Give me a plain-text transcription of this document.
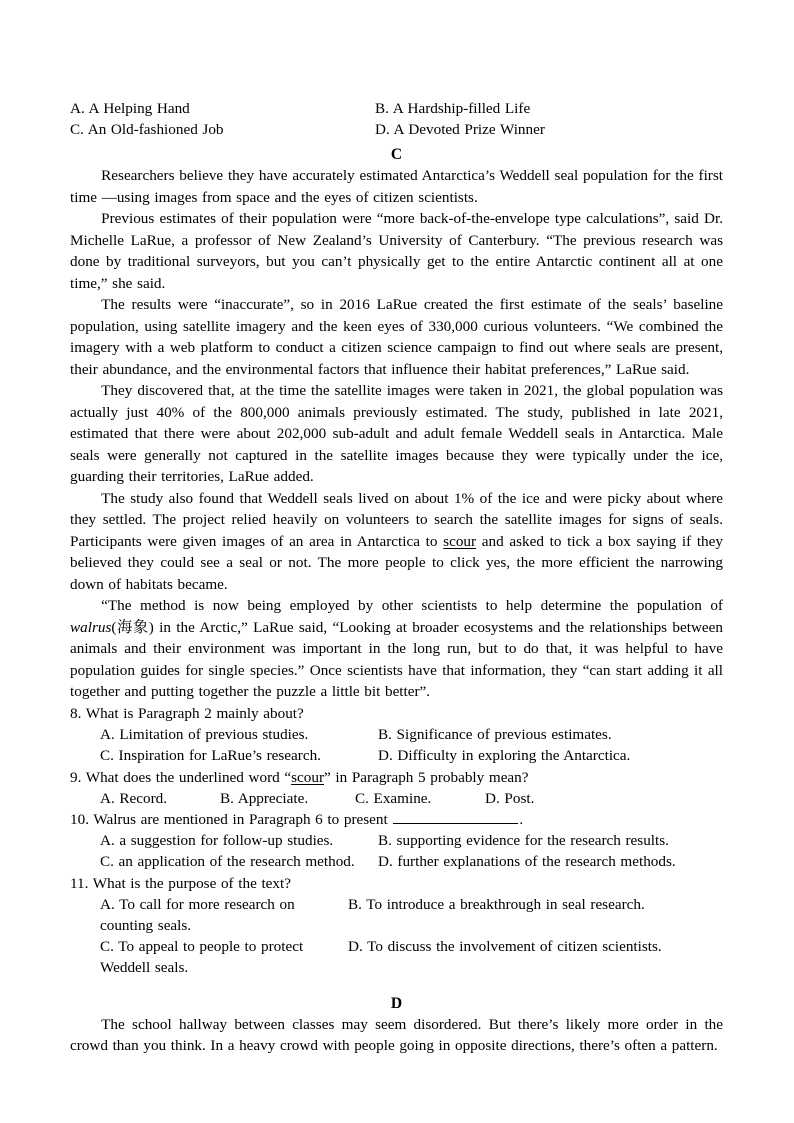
A. A Helping Hand	B. A Hardship-filled Life
C. An Old-fashioned Job	D. A Devoted Prize Winner
C

Researchers believe they have accurately estimated Antarctica’s Weddell seal population for the first time —using images from space and the eyes of citizen scientists.

Previous estimates of their population were “more back-of-the-envelope type calculations”, said Dr. Michelle LaRue, a professor of New Zealand’s University of Canterbury. “The previous research was done by traditional surveyors, but you can’t physically get to the entire Antarctic continent all at one time,” she said.

The results were “inaccurate”, so in 2016 LaRue created the first estimate of the seals’ baseline population, using satellite imagery and the keen eyes of 330,000 curious volunteers. “We combined the imagery with a web platform to conduct a citizen science campaign to find out where seals are present, their abundance, and the environmental factors that influence their habitat preferences,” LaRue said.

They discovered that, at the time the satellite images were taken in 2021, the global population was actually just 40% of the 800,000 animals previously estimated. The study, published in late 2021, estimated that there were about 202,000 sub-adult and adult female Weddell seals in Antarctica. Male seals were generally not captured in the satellite images because they were typically under the ice, guarding their territories, LaRue added.

The study also found that Weddell seals lived on about 1% of the ice and were picky about where they settled. The project relied heavily on volunteers to search the satellite images for signs of seals. Participants were given images of an area in Antarctica to scour and asked to tick a box saying if they believed they could see a seal or not. The more people to click yes, the more efficient the narrowing down of habitats became.

“The method is now being employed by other scientists to help determine the population of walrus(海象) in the Arctic,” LaRue said, “Looking at broader ecosystems and the relationships between animals and their environment was important in the long run, but to do that, it was helpful to have population guides for single species.” Once scientists have that information, they “can start adding it all together and putting together the puzzle a little bit better”.

8. What is Paragraph 2 mainly about?

A. Limitation of previous studies.	B. Significance of previous estimates.
C. Inspiration for LaRue’s research.	D. Difficulty in exploring the Antarctica.

9. What does the underlined word “scour” in Paragraph 5 probably mean?

A. Record.	B. Appreciate.	C. Examine.	D. Post.

10. Walrus are mentioned in Paragraph 6 to present	.

A. a suggestion for follow-up studies.	B. supporting evidence for the research results.
C. an application of the research method.	D. further explanations of the research methods.

11. What is the purpose of the text?

A. To call for more research on counting seals.
B. To introduce a breakthrough in seal research.
C. To appeal to people to protect Weddell seals.
D. To discuss the involvement of citizen scientists.
D

The school hallway between classes may seem disordered. But there’s likely more order in the crowd than you think. In a heavy crowd with people going in opposite directions, there’s often a pattern.
